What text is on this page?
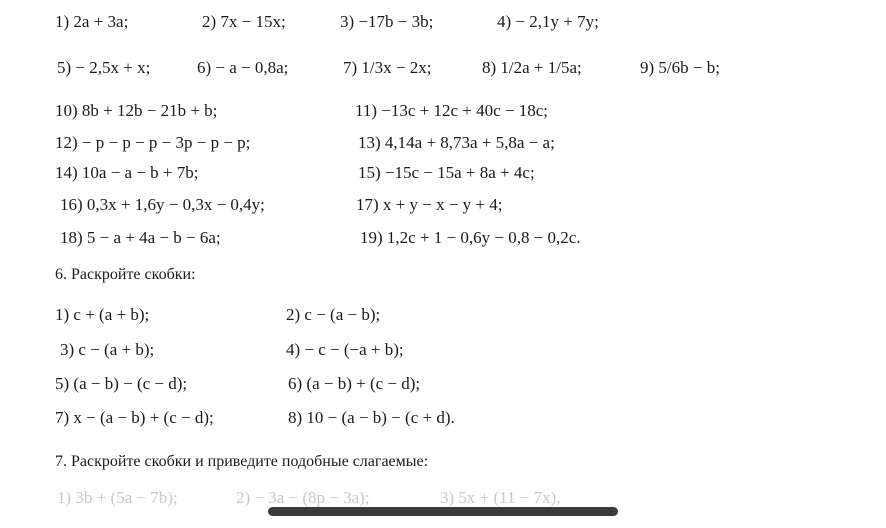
1) 2a + 3a;	2) 7x − 15x;	3) −17b − 3b;	4) − 2,1y + 7y;
5) − 2,5x + x;	6) − a − 0,8a;	7) 1/3x − 2x;	8) 1/2a + 1/5a;	9) 5/6b − b;
10) 8b + 12b − 21b + b;	11) −13c + 12c + 40c − 18c;
12) − p − p − p − 3p − p − p;	13) 4,14a + 8,73a + 5,8a − a;
14) 10a − a − b + 7b;	15) −15c − 15a + 8a + 4c;
16) 0,3x + 1,6y − 0,3x − 0,4y;	17) x + y − x − y + 4;
18) 5 − a + 4a − b − 6a;	19) 1,2c + 1 − 0,6y − 0,8 − 0,2c.
6. Раскройте скобки:
1) c + (a + b);	2) c − (a − b);
3) c − (a + b);	4) − c − (−a + b);
5) (a − b) − (c − d);	6) (a − b) + (c − d);
7) x − (a − b) + (c − d);	8) 10 − (a − b) − (c + d).
7. Раскройте скобки и приведите подобные слагаемые:
1) 3b + (5a − 7b);	2) − 3a − (8p − 3a);	3) 5x + (11 − 7x),
